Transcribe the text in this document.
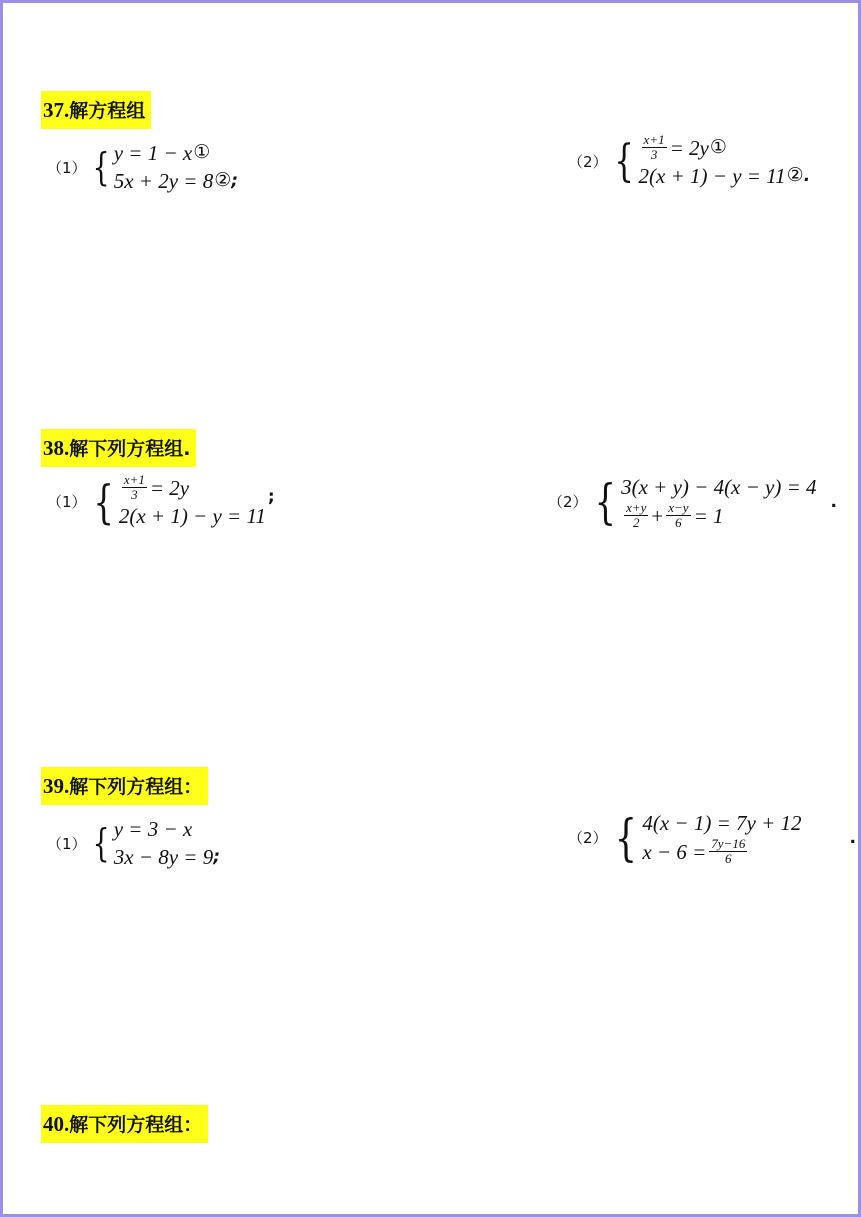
37.解方程组
（1） { y = 1 − x ①
5x + 2y = 8 ② ;
（2） { $\frac{x+1}{3} = 2y$ ①
2(x + 1) − y = 11 ② .
38.解下列方程组.
（1） { $\frac{x+1}{3} = 2y$
2(x + 1) − y = 11
;	（2） { 3(x + y) − 4(x − y) = 4
$\frac{x+y}{2} + \frac{x-y}{6} = 1$
.
39.解下列方程组：
（1） { y = 3 − x
3x − 8y = 9 ;
（2） { 4(x − 1) = 7y + 12
$x - 6 = \frac{7y-16}{6}$	.
40.解下列方程组：
